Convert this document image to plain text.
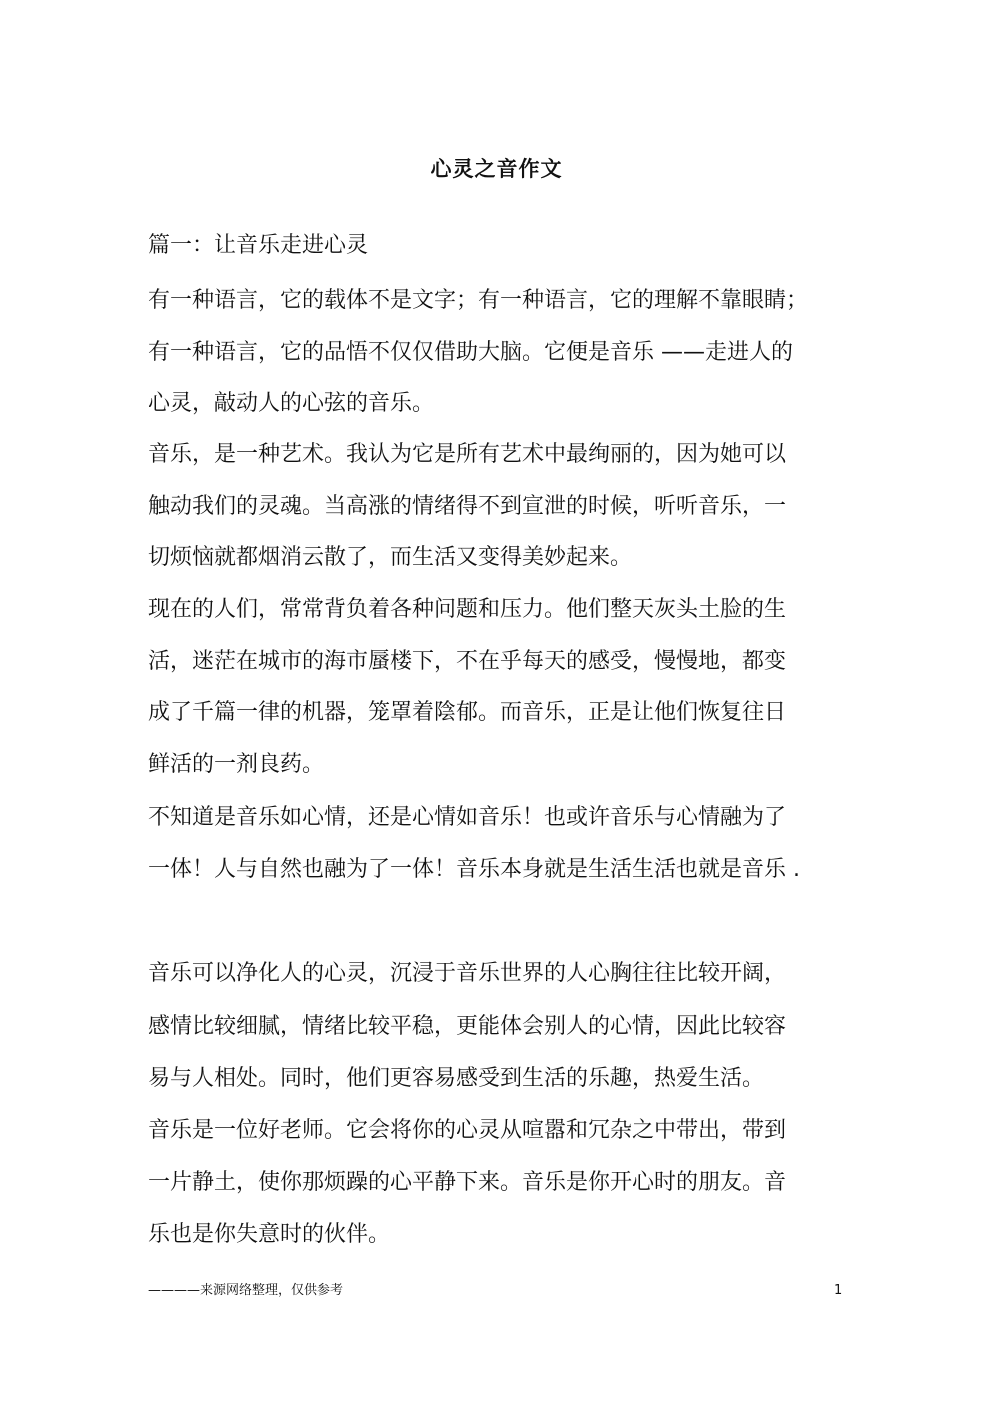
心灵之音作文
篇一：让音乐走进心灵
有一种语言，它的载体不是文字；有一种语言，它的理解不靠眼睛；
有一种语言，它的品悟不仅仅借助大脑。它便是音乐 ——走进人的
心灵，敲动人的心弦的音乐。
音乐，是一种艺术。我认为它是所有艺术中最绚丽的，因为她可以
触动我们的灵魂。当高涨的情绪得不到宣泄的时候，听听音乐，一
切烦恼就都烟消云散了，而生活又变得美妙起来。
现在的人们，常常背负着各种问题和压力。他们整天灰头土脸的生
活，迷茫在城市的海市蜃楼下，不在乎每天的感受，慢慢地，都变
成了千篇一律的机器，笼罩着陰郁。而音乐，正是让他们恢复往日
鲜活的一剂良药。
不知道是音乐如心情，还是心情如音乐！也或许音乐与心情融为了
一体！人与自然也融为了一体！音乐本身就是生活生活也就是音乐 .
音乐可以净化人的心灵，沉浸于音乐世界的人心胸往往比较开阔，
感情比较细腻，情绪比较平稳，更能体会别人的心情，因此比较容
易与人相处。同时，他们更容易感受到生活的乐趣，热爱生活。
音乐是一位好老师。它会将你的心灵从喧嚣和冗杂之中带出，带到
一片静土，使你那烦躁的心平静下来。音乐是你开心时的朋友。音
乐也是你失意时的伙伴。
————来源网络整理，仅供参考	1
